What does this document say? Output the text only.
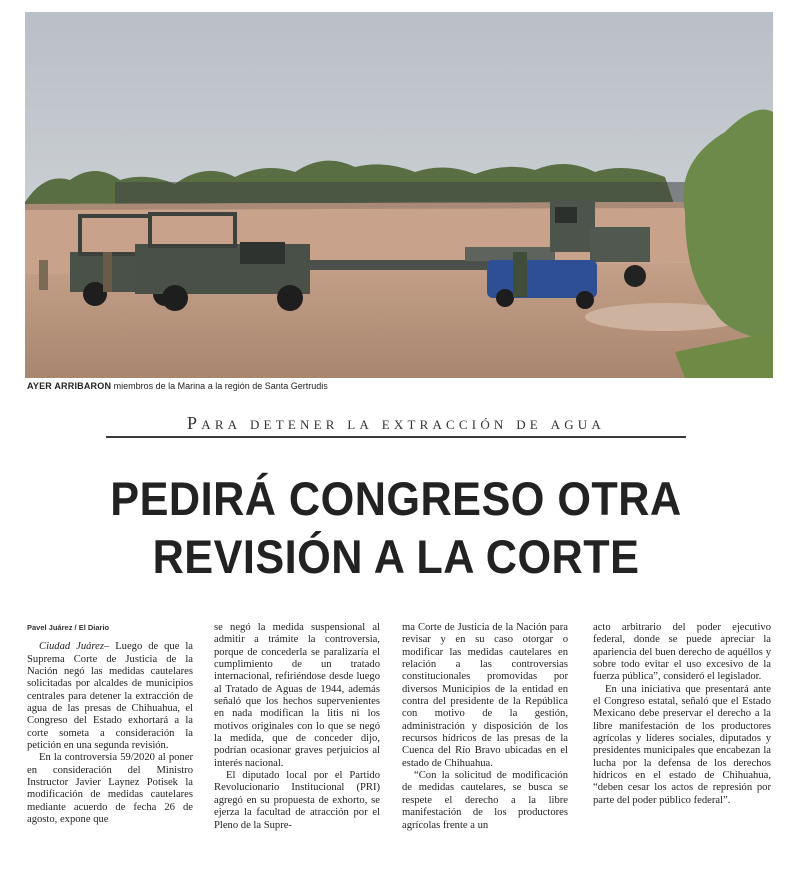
AYER ARRIBARON miembros de la Marina a la región de Santa Gertrudis
Para detener la extracción de agua
PEDIRÁ CONGRESO OTRA
REVISIÓN A LA CORTE
Pavel Juárez / El Diario

Ciudad Juárez– Luego de que la Suprema Corte de Justicia de la Nación negó las medidas cautelares solicitadas por alcaldes de municipios centrales para detener la extracción de agua de las presas de Chihuahua, el Congreso del Estado exhortará a la corte someta a consideración la petición en una segunda revisión.

En la controversia 59/2020 al poner en consideración del Ministro Instructor Javier Laynez Potisek la modificación de medidas cautelares mediante acuerdo de fecha 26 de agosto, expone que

se negó la medida suspensional al admitir a trámite la controversia, porque de concederla se paralizaría el cumplimiento de un tratado internacional, refiriéndose desde luego al Tratado de Aguas de 1944, además señaló que los hechos supervenientes en nada modifican la litis ni los motivos originales con lo que se negó la medida, que de conceder dijo, podrían ocasionar graves perjuicios al interés nacional.

El diputado local por el Partido Revolucionario Institucional (PRI) agregó en su propuesta de exhorto, se ejerza la facultad de atracción por el Pleno de la Supre-

ma Corte de Justicia de la Nación para revisar y en su caso otorgar o modificar las medidas cautelares en relación a las controversias constitucionales promovidas por diversos Municipios de la entidad en contra del presidente de la República con motivo de la gestión, administración y disposición de los recursos hídricos de las presas de la Cuenca del Río Bravo ubicadas en el estado de Chihuahua.

“Con la solicitud de modificación de medidas cautelares, se busca se respete el derecho a la libre manifestación de los productores agrícolas frente a un

acto arbitrario del poder ejecutivo federal, donde se puede apreciar la apariencia del buen derecho de aquéllos y sobre todo evitar el uso excesivo de la fuerza pública”, consideró el legislador.

En una iniciativa que presentará ante el Congreso estatal, señaló que el Estado Mexicano debe preservar el derecho a la libre manifestación de los productores agrícolas y líderes sociales, diputados y presidentes municipales que encabezan la lucha por la defensa de los derechos hídricos en el estado de Chihuahua, “deben cesar los actos de represión por parte del poder público federal”.
